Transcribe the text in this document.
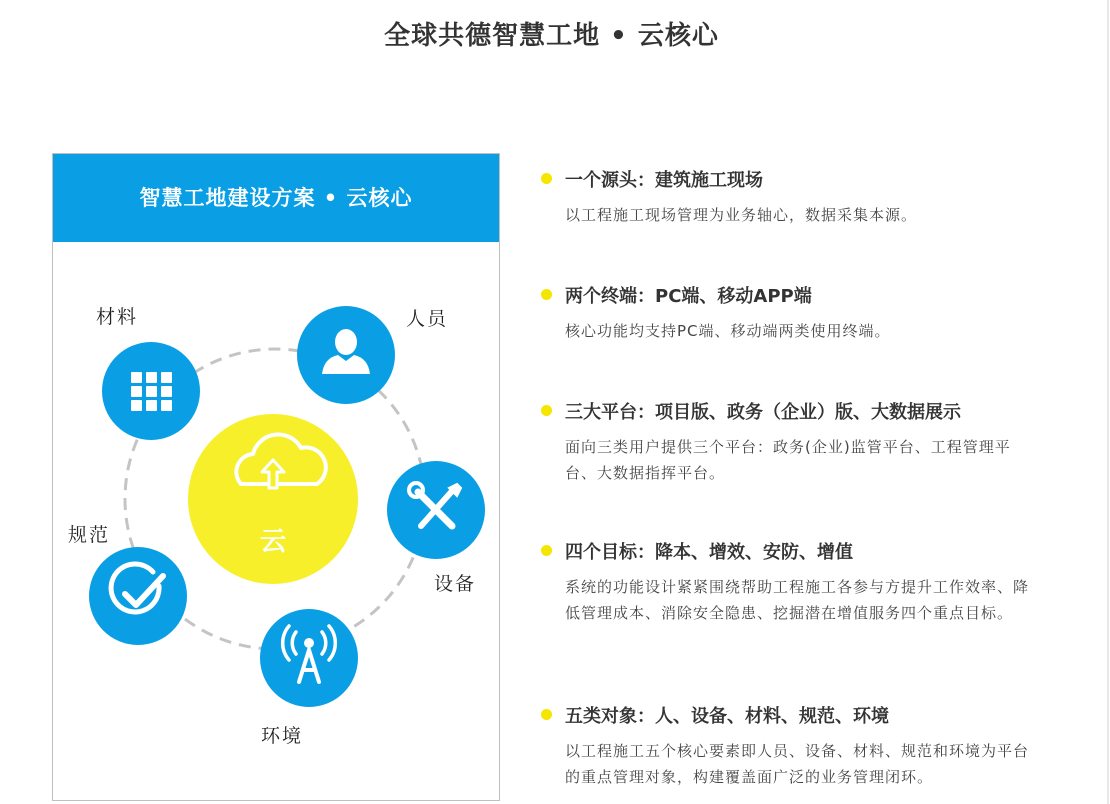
全球共德智慧工地 • 云核心
智慧工地建设方案 • 云核心
云
材料	人员
设备
环境
规范
一个源头：建筑施工现场
以工程施工现场管理为业务轴心，数据采集本源。
两个终端：PC端、移动APP端
核心功能均支持PC端、移动端两类使用终端。
三大平台：项目版、政务（企业）版、大数据展示
面向三类用户提供三个平台：政务(企业)监管平台、工程管理平台、大数据指挥平台。
四个目标：降本、增效、安防、增值
系统的功能设计紧紧围绕帮助工程施工各参与方提升工作效率、降低管理成本、消除安全隐患、挖掘潜在增值服务四个重点目标。
五类对象：人、设备、材料、规范、环境
以工程施工五个核心要素即人员、设备、材料、规范和环境为平台的重点管理对象，构建覆盖面广泛的业务管理闭环。
